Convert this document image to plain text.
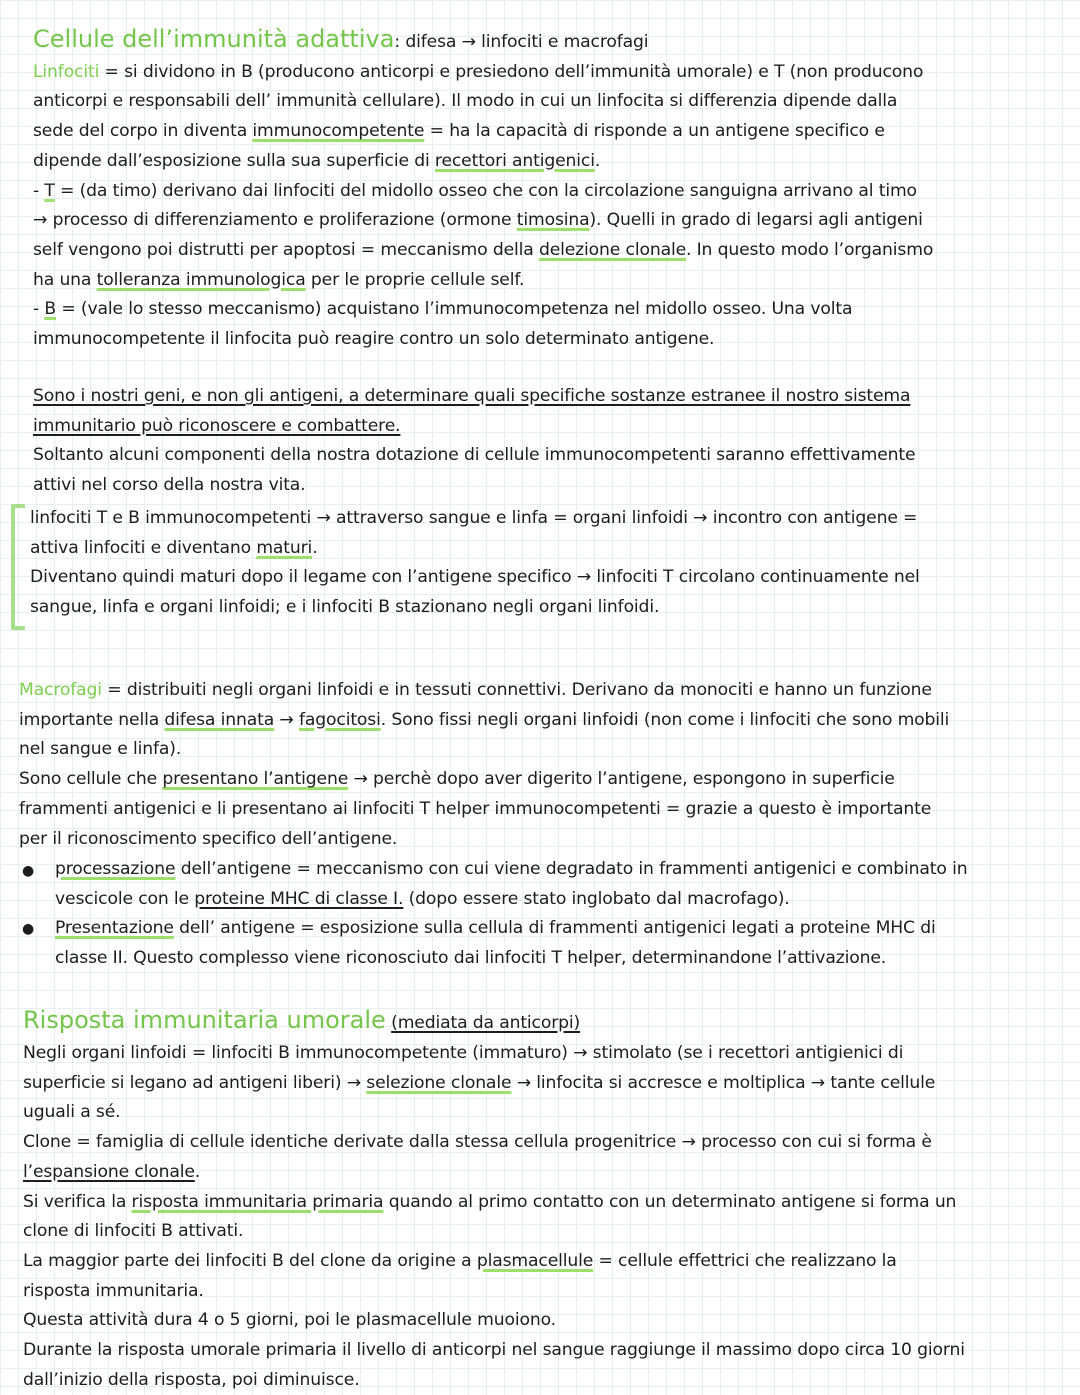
Cellule dell’immunità adattiva: difesa → linfociti e macrofagi
Linfociti = si dividono in B (producono anticorpi e presiedono dell’immunità umorale) e T (non producono
anticorpi e responsabili dell’ immunità cellulare). Il modo in cui un linfocita si differenzia dipende dalla
sede del corpo in diventa immunocompetente = ha la capacità di risponde a un antigene specifico e
dipende dall’esposizione sulla sua superficie di recettori antigenici.
- T = (da timo) derivano dai linfociti del midollo osseo che con la circolazione sanguigna arrivano al timo
→ processo di differenziamento e proliferazione (ormone timosina). Quelli in grado di legarsi agli antigeni
self vengono poi distrutti per apoptosi = meccanismo della delezione clonale. In questo modo l’organismo
ha una tolleranza immunologica per le proprie cellule self.
- B = (vale lo stesso meccanismo) acquistano l’immunocompetenza nel midollo osseo. Una volta
immunocompetente il linfocita può reagire contro un solo determinato antigene.
Sono i nostri geni, e non gli antigeni, a determinare quali specifiche sostanze estranee il nostro sistema
immunitario può riconoscere e combattere.
Soltanto alcuni componenti della nostra dotazione di cellule immunocompetenti saranno effettivamente
attivi nel corso della nostra vita.
linfociti T e B immunocompetenti → attraverso sangue e linfa = organi linfoidi → incontro con antigene =
attiva linfociti e diventano maturi.
Diventano quindi maturi dopo il legame con l’antigene specifico → linfociti T circolano continuamente nel
sangue, linfa e organi linfoidi; e i linfociti B stazionano negli organi linfoidi.
Macrofagi = distribuiti negli organi linfoidi e in tessuti connettivi. Derivano da monociti e hanno un funzione
importante nella difesa innata → fagocitosi. Sono fissi negli organi linfoidi (non come i linfociti che sono mobili
nel sangue e linfa).
Sono cellule che presentano l’antigene → perchè dopo aver digerito l’antigene, espongono in superficie
frammenti antigenici e li presentano ai linfociti T helper immunocompetenti = grazie a questo è importante
per il riconoscimento specifico dell’antigene.
●
●
processazione dell’antigene = meccanismo con cui viene degradato in frammenti antigenici e combinato in
vescicole con le proteine MHC di classe I. (dopo essere stato inglobato dal macrofago).
Presentazione dell’ antigene = esposizione sulla cellula di frammenti antigenici legati a proteine MHC di
classe II. Questo complesso viene riconosciuto dai linfociti T helper, determinandone l’attivazione.
Risposta immunitaria umorale (mediata da anticorpi)
Negli organi linfoidi = linfociti B immunocompetente (immaturo) → stimolato (se i recettori antigienici di
superficie si legano ad antigeni liberi) → selezione clonale → linfocita si accresce e moltiplica → tante cellule
uguali a sé.
Clone = famiglia di cellule identiche derivate dalla stessa cellula progenitrice → processo con cui si forma è
l’espansione clonale.
Si verifica la risposta immunitaria primaria quando al primo contatto con un determinato antigene si forma un
clone di linfociti B attivati.
La maggior parte dei linfociti B del clone da origine a plasmacellule = cellule effettrici che realizzano la
risposta immunitaria.
Questa attività dura 4 o 5 giorni, poi le plasmacellule muoiono.
Durante la risposta umorale primaria il livello di anticorpi nel sangue raggiunge il massimo dopo circa 10 giorni
dall’inizio della risposta, poi diminuisce.
